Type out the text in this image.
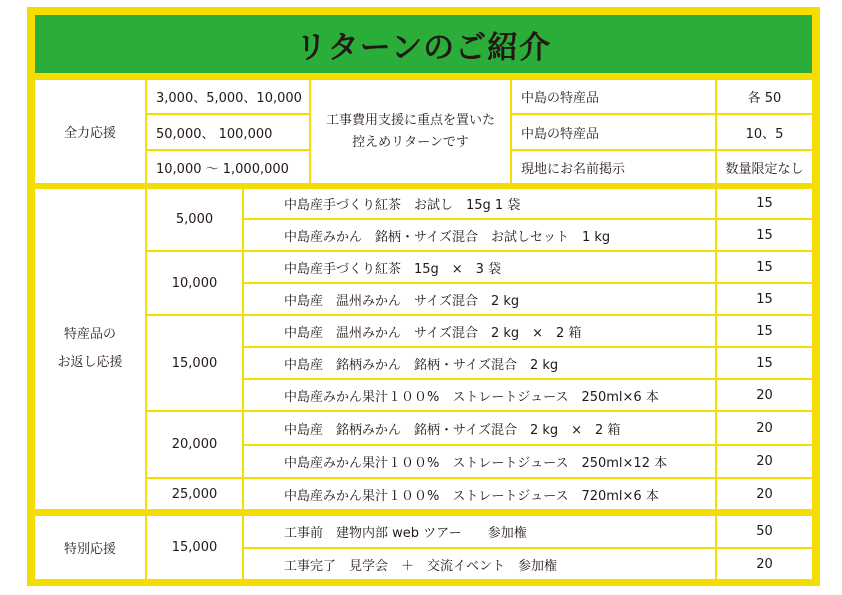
リターンのご紹介
全力応援
3,000、5,000、10,000
50,000、 100,000
10,000 〜 1,000,000
工事費用支援に重点を置いた
控えめリターンです
中島の特産品
中島の特産品
現地にお名前掲示
各 50
10、5
数量限定なし
特産品の
お返し応援
5,000
10,000
15,000
20,000
25,000
中島産手づくり紅茶　お試し　15g 1 袋
中島産みかん　銘柄・サイズ混合　お試しセット　1 kg
中島産手づくり紅茶　15g　×　3 袋
中島産　温州みかん　サイズ混合　2 kg
中島産　温州みかん　サイズ混合　2 kg　×　2 箱
中島産　銘柄みかん　銘柄・サイズ混合　2 kg
中島産みかん果汁１００%　ストレートジュース　250ml×6 本
中島産　銘柄みかん　銘柄・サイズ混合　2 kg　×　2 箱
中島産みかん果汁１００%　ストレートジュース　250ml×12 本
中島産みかん果汁１００%　ストレートジュース　720ml×6 本
15
15
15
15
15
15
20
20
20
20
特別応援	15,000
工事前　建物内部 web ツアー　　参加権
工事完了　見学会　＋　交流イベント　参加権
50
20
